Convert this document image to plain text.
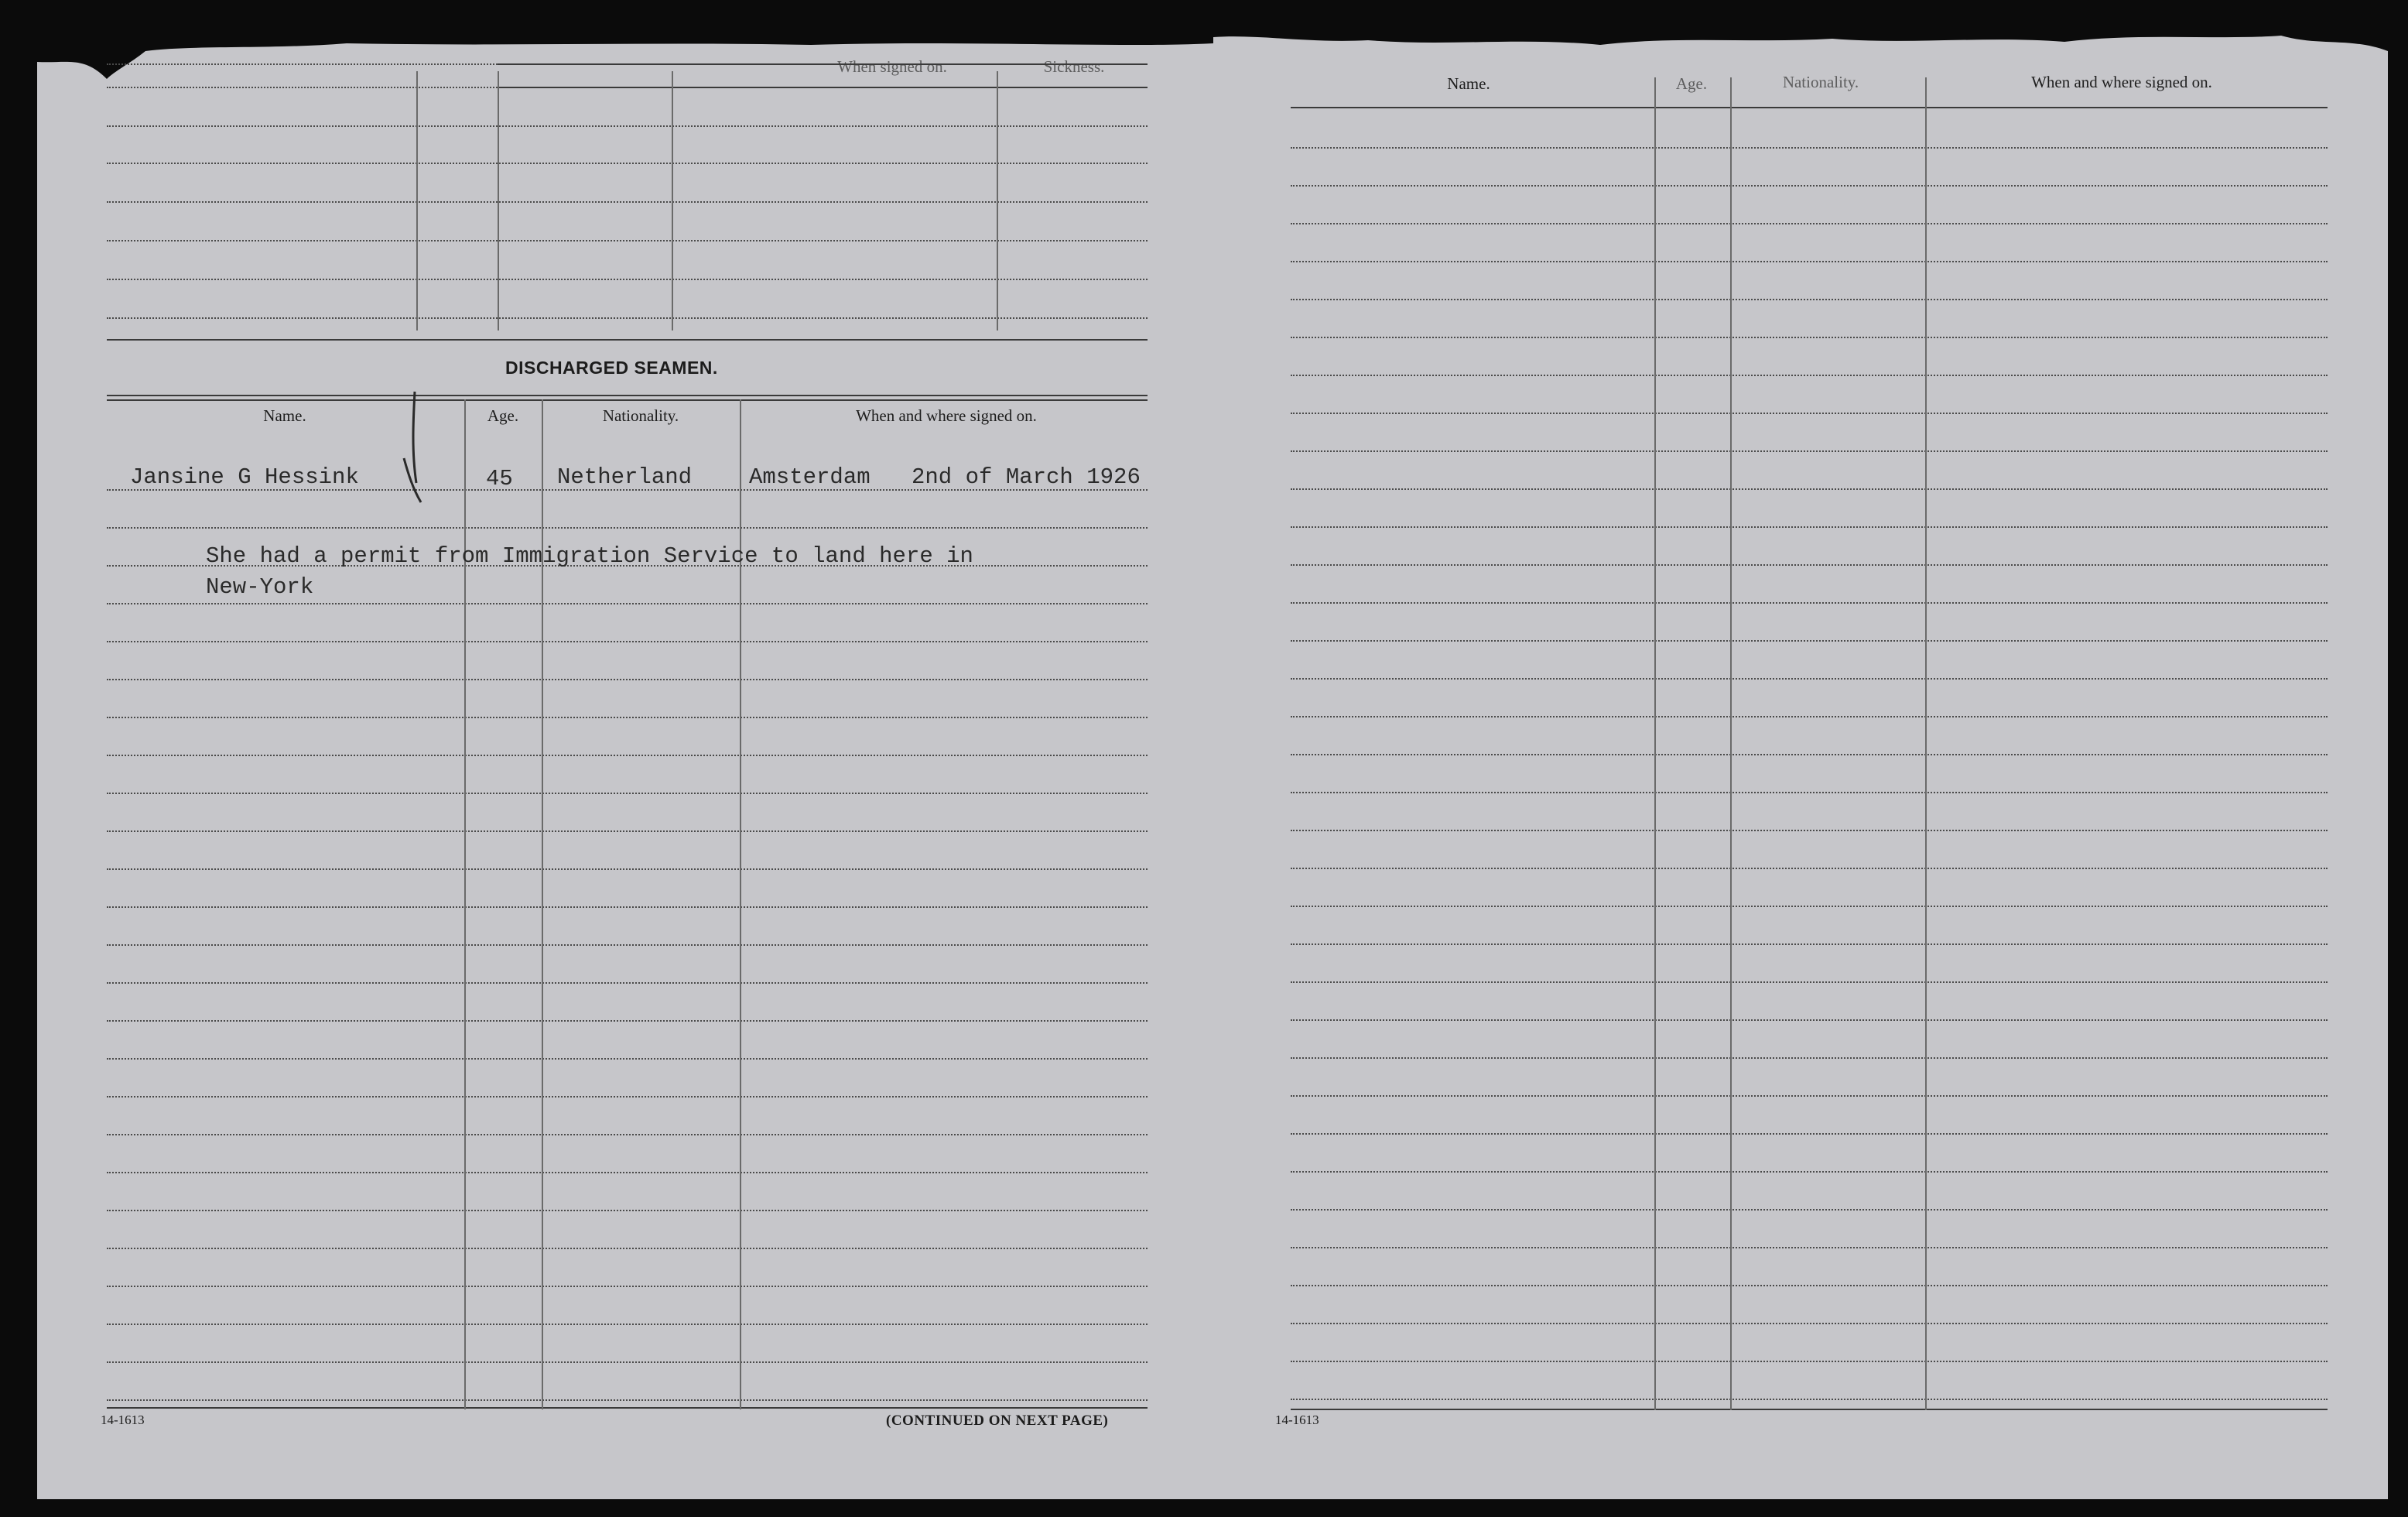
When signed on.	Sickness.
DISCHARGED SEAMEN.
Name.	Age.	Nationality.	When and where signed on.
Jansine G Hessink	45 Netherland	Amsterdam 2nd of March 1926
She had a permit from Immigration Service to land here in
New-York
14-1613	(CONTINUED ON NEXT PAGE)
Name.	Age.	Nationality.	When and where signed on.
14-1613
